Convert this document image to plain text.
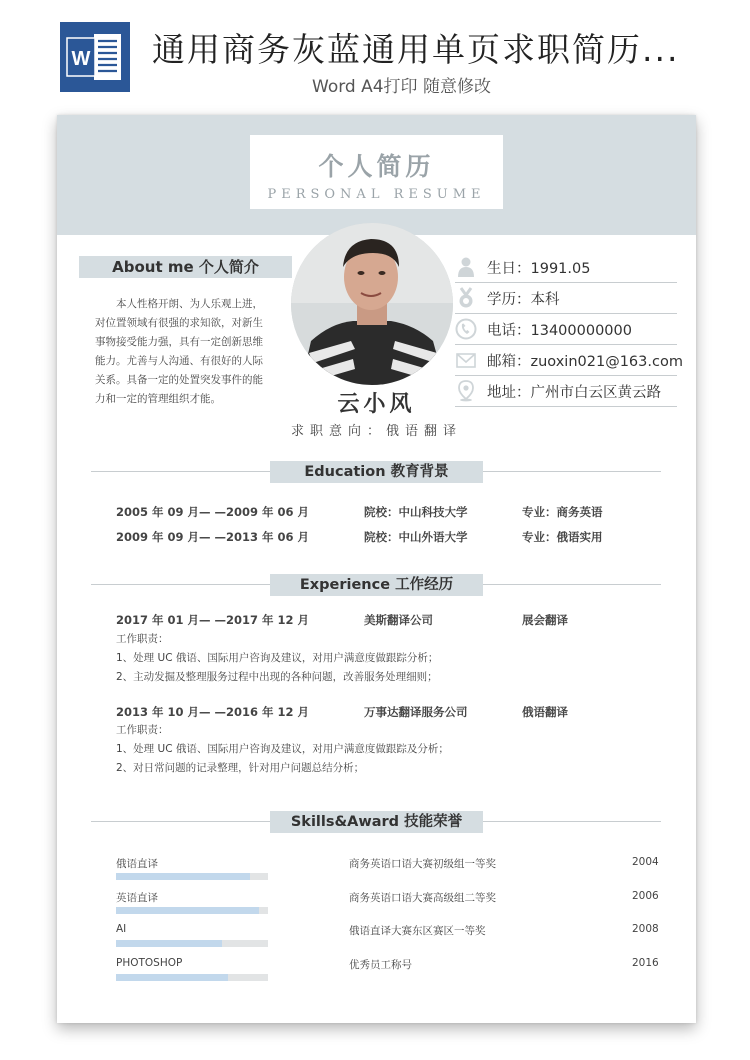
W 通用商务灰蓝通用单页求职简历...
Word A4打印 随意修改
个人简历
PERSONAL RESUME
About me 个人简介
本人性格开朗、为人乐观上进，对位置领域有很强的求知欲，对新生事物接受能力强，具有一定创新思维能力。尤善与人沟通、有很好的人际关系。具备一定的处置突发事件的能力和一定的管理组织才能。
生日：1991.05
学历：本科
电话：13400000000
邮箱：zuoxin021@163.com
地址：广州市白云区黄云路
云小风
求职意向：俄语翻译
Education 教育背景
2005 年 09 月— —2009 年 06 月	院校：中山科技大学	专业：商务英语
2009 年 09 月— —2013 年 06 月	院校：中山外语大学	专业：俄语实用
Experience 工作经历
2017 年 01 月— —2017 年 12 月	美斯翻译公司	展会翻译
工作职责：
1、处理 UC 俄语、国际用户咨询及建议，对用户满意度做跟踪分析；
2、主动发掘及整理服务过程中出现的各种问题，改善服务处理细则；
2013 年 10 月— —2016 年 12 月	万事达翻译服务公司	俄语翻译
工作职责：
1、处理 UC 俄语、国际用户咨询及建议，对用户满意度做跟踪及分析；
2、对日常问题的记录整理，针对用户问题总结分析；
Skills&Award 技能荣誉
俄语直译
英语直译
AI
PHOTOSHOP
商务英语口语大赛初级组一等奖	2004
商务英语口语大赛高级组二等奖	2006
俄语直译大赛东区赛区一等奖	2008
优秀员工称号	2016
